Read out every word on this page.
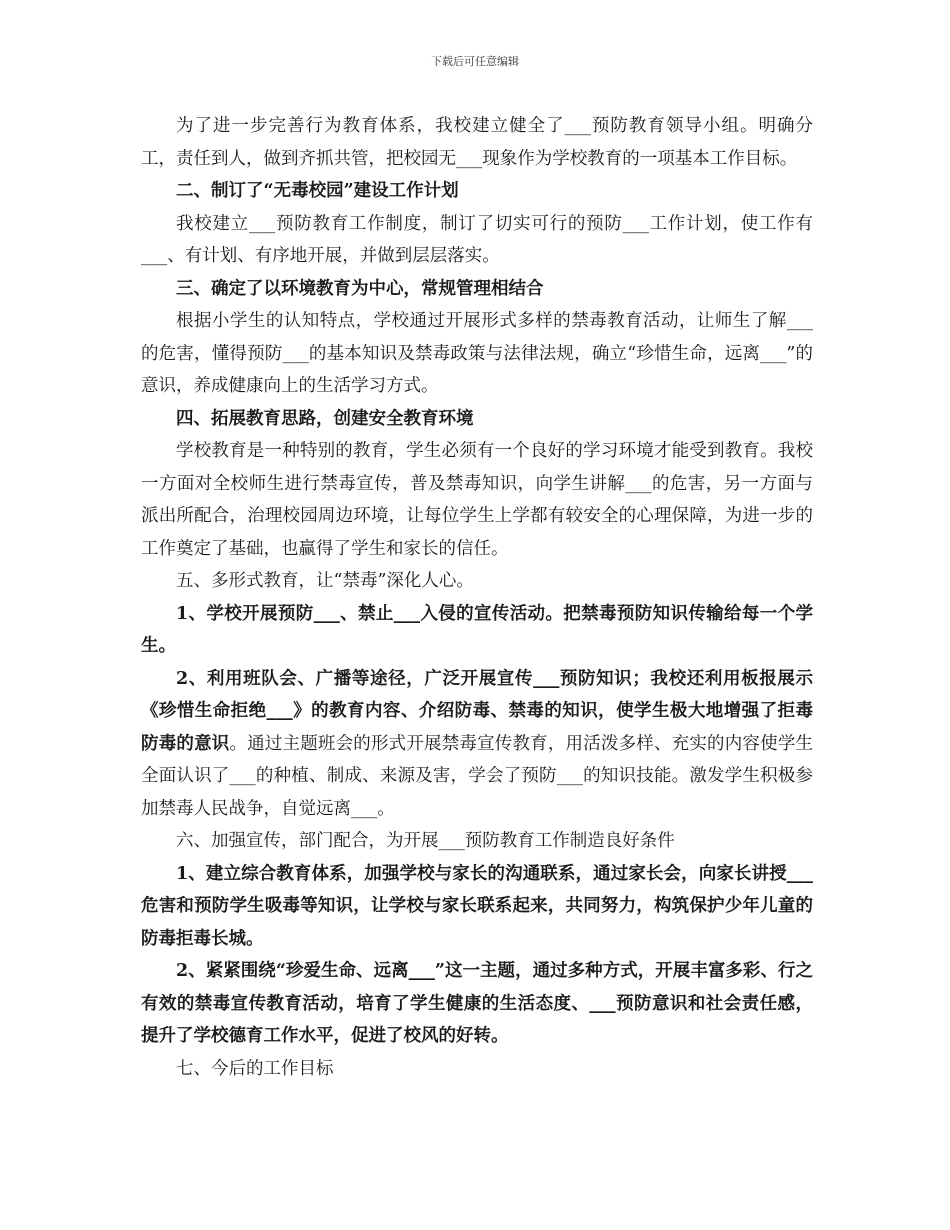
下载后可任意编辑

为了进一步完善行为教育体系，我校建立健全了___预防教育领导小组。明确分工，责任到人，做到齐抓共管，把校园无___现象作为学校教育的一项基本工作目标。

二、制订了“无毒校园”建设工作计划

我校建立___预防教育工作制度，制订了切实可行的预防___工作计划，使工作有___、有计划、有序地开展，并做到层层落实。

三、确定了以环境教育为中心，常规管理相结合

根据小学生的认知特点，学校通过开展形式多样的禁毒教育活动，让师生了解___的危害，懂得预防___的基本知识及禁毒政策与法律法规，确立“珍惜生命，远离___”的意识，养成健康向上的生活学习方式。

四、拓展教育思路，创建安全教育环境

学校教育是一种特别的教育，学生必须有一个良好的学习环境才能受到教育。我校一方面对全校师生进行禁毒宣传，普及禁毒知识，向学生讲解___的危害，另一方面与派出所配合，治理校园周边环境，让每位学生上学都有较安全的心理保障，为进一步的工作奠定了基础，也赢得了学生和家长的信任。

五、多形式教育，让“禁毒”深化人心。

1、学校开展预防___、禁止___入侵的宣传活动。把禁毒预防知识传输给每一个学生。

2、利用班队会、广播等途径，广泛开展宣传___预防知识；我校还利用板报展示《珍惜生命拒绝___》的教育内容、介绍防毒、禁毒的知识，使学生极大地增强了拒毒防毒的意识。通过主题班会的形式开展禁毒宣传教育，用活泼多样、充实的内容使学生全面认识了___的种植、制成、来源及害，学会了预防___的知识技能。激发学生积极参加禁毒人民战争，自觉远离___。

六、加强宣传，部门配合，为开展___预防教育工作制造良好条件

1、建立综合教育体系，加强学校与家长的沟通联系，通过家长会，向家长讲授___危害和预防学生吸毒等知识，让学校与家长联系起来，共同努力，构筑保护少年儿童的防毒拒毒长城。

2、紧紧围绕“珍爱生命、远离___”这一主题，通过多种方式，开展丰富多彩、行之有效的禁毒宣传教育活动，培育了学生健康的生活态度、___预防意识和社会责任感，提升了学校德育工作水平，促进了校风的好转。

七、今后的工作目标
